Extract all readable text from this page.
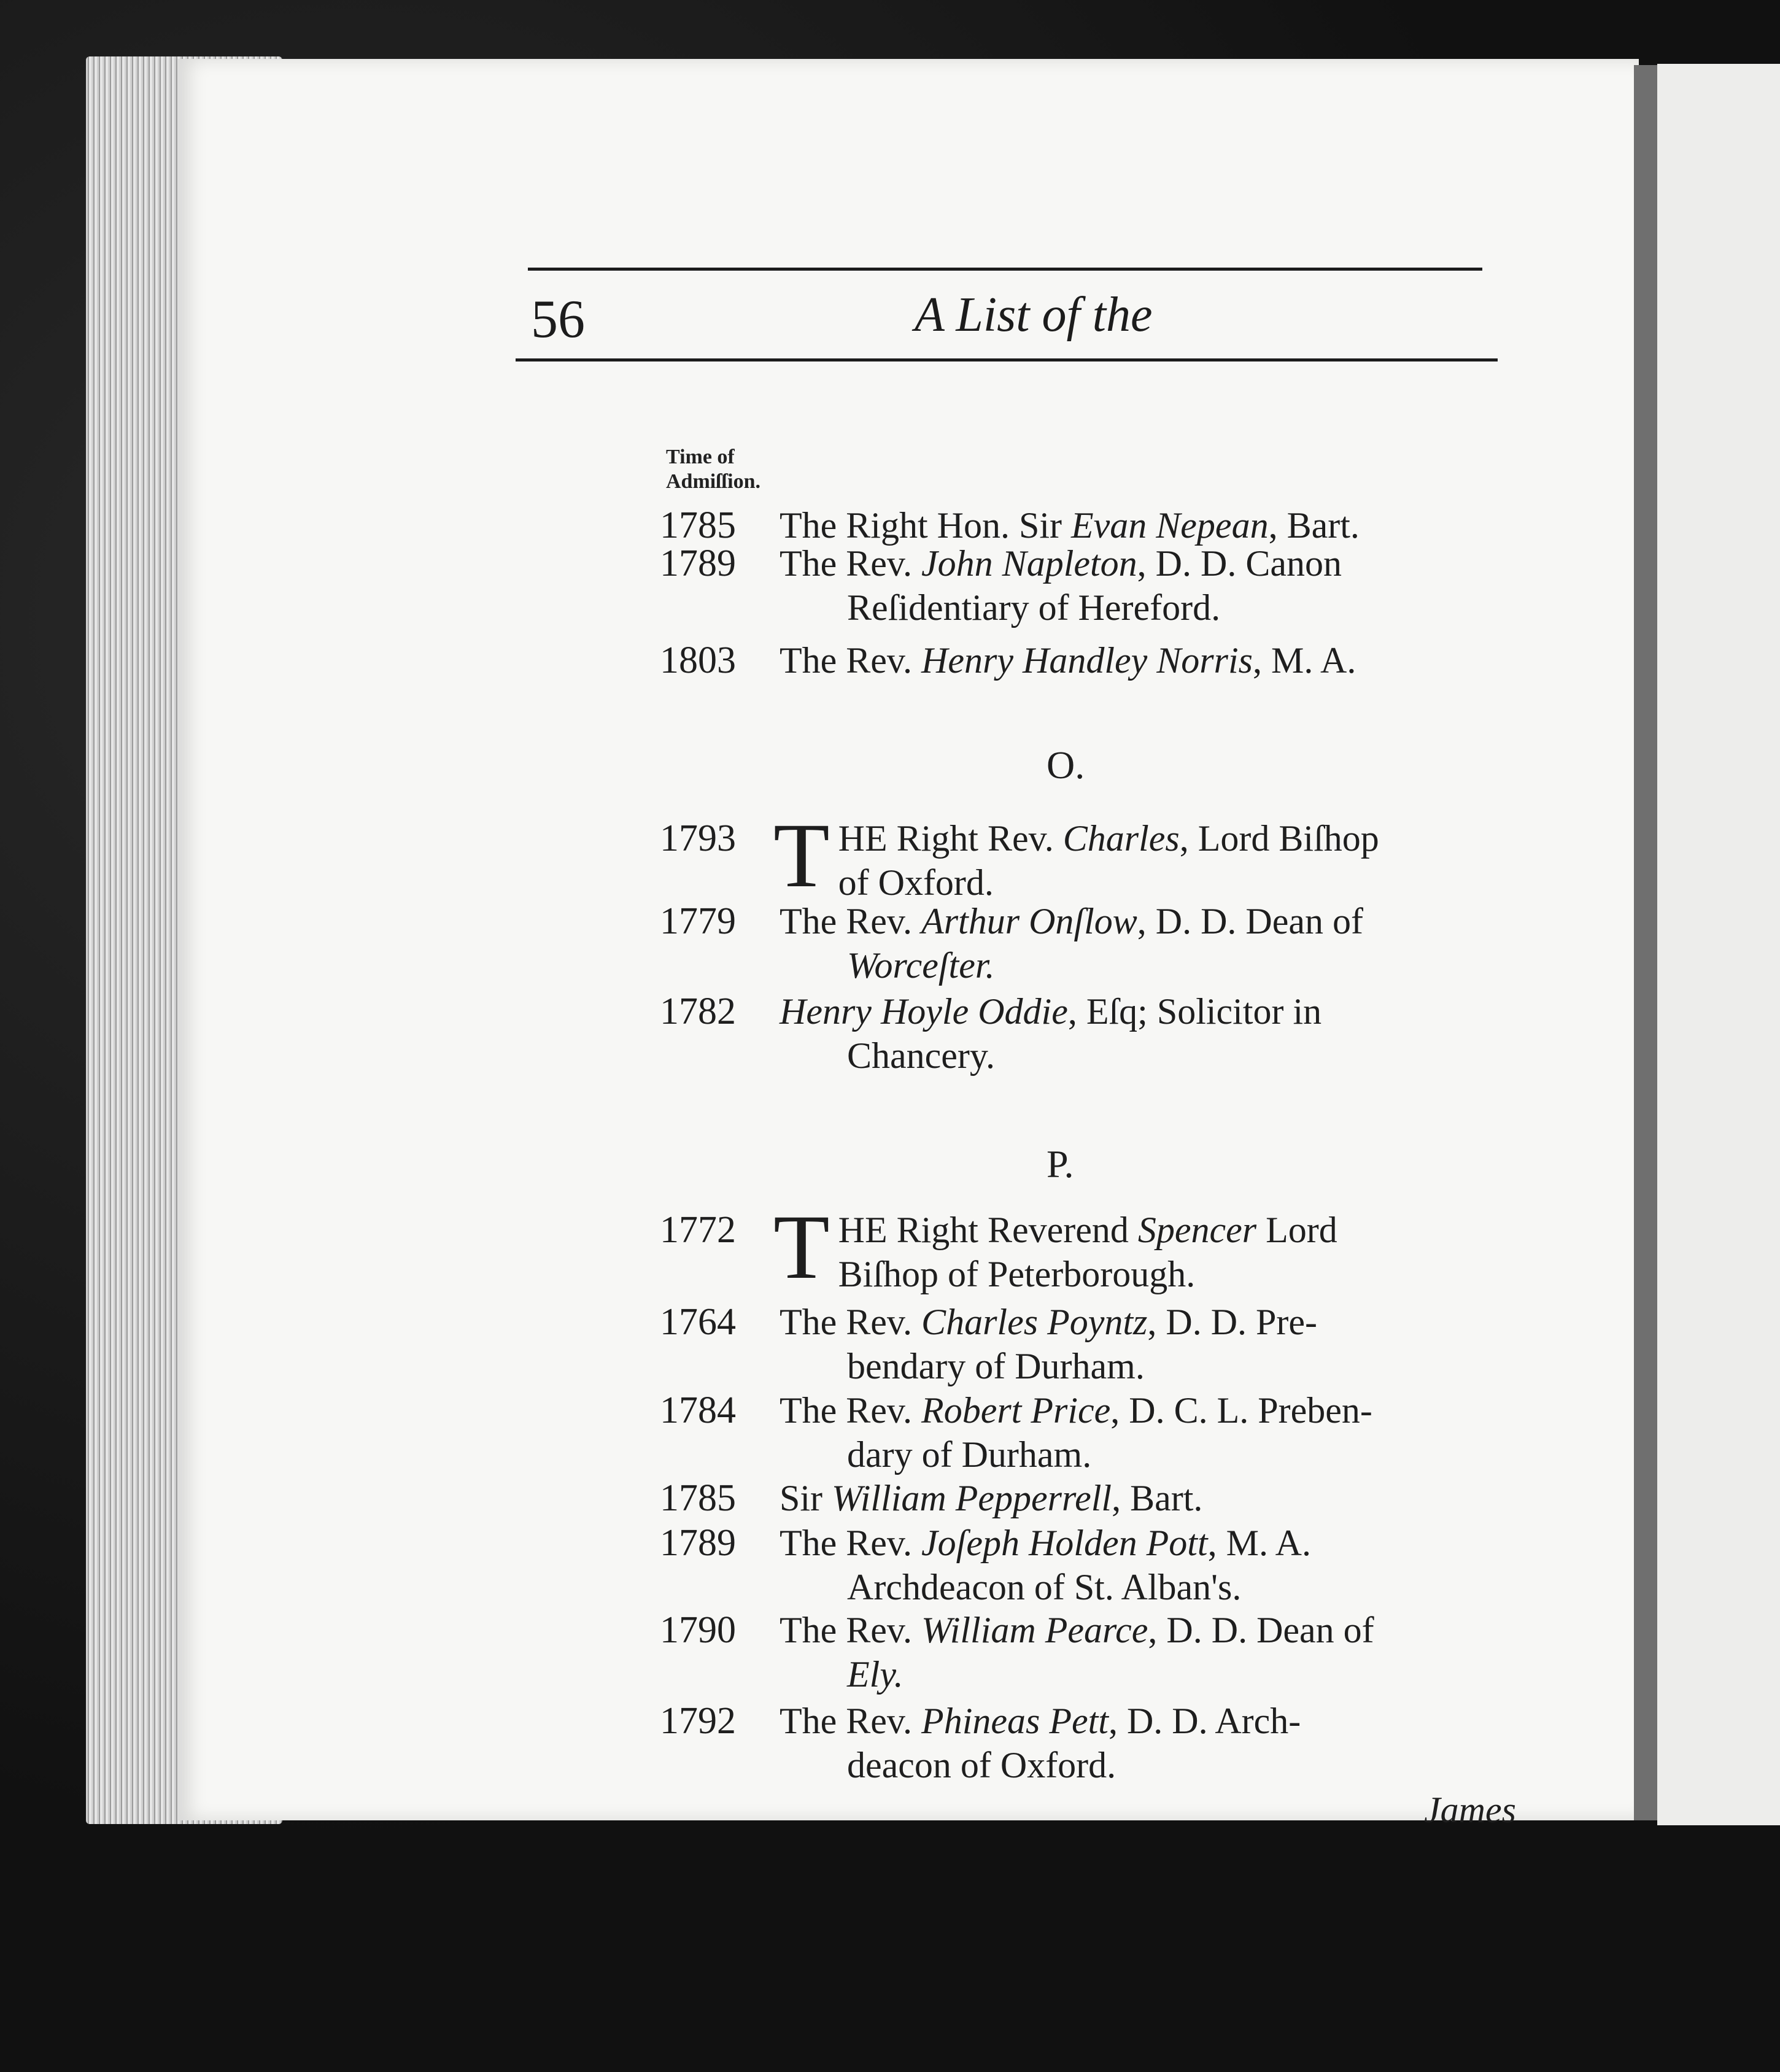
56	A List of the
Time of Admiſſion.
1785	The Right Hon. Sir Evan Nepean, Bart.
1789	The Rev. John Napleton, D. D. Canon
Reſidentiary of Hereford.
1803	The Rev. Henry Handley Norris, M. A.
O.
1793 T HE Right Rev. Charles, Lord Biſhop
of Oxford.
1779	The Rev. Arthur Onſlow, D. D. Dean of
Worceſter.
1782	Henry Hoyle Oddie, Eſq; Solicitor in
Chancery.
P.
1772 T HE Right Reverend Spencer Lord
Biſhop of Peterborough.
1764	The Rev. Charles Poyntz, D. D. Pre-
bendary of Durham.
1784	The Rev. Robert Price, D. C. L. Preben-
dary of Durham.
1785	Sir William Pepperrell, Bart.
1789	The Rev. Joſeph Holden Pott, M. A.
Archdeacon of St. Alban's.
1790	The Rev. William Pearce, D. D. Dean of
Ely.
1792	The Rev. Phineas Pett, D. D. Arch-
deacon of Oxford.
James
